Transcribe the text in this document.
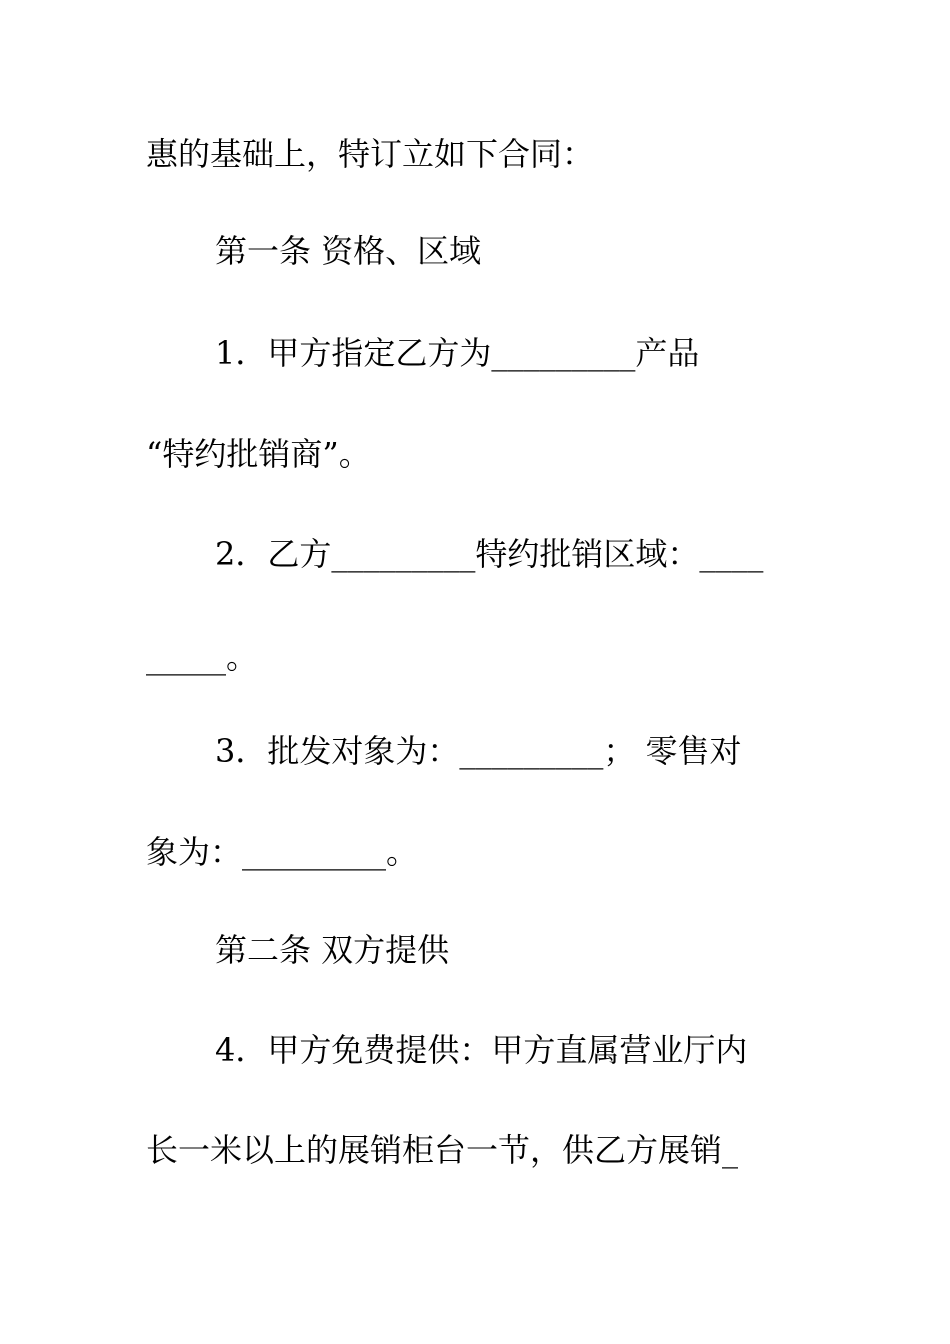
惠的基础上，特订立如下合同：
第一条 资格、区域
1．甲方指定乙方为_________产品
“特约批销商”。
2．乙方_________特约批销区域：____
_____。
3．批发对象为：_________； 零售对
象为：_________。
第二条 双方提供
4．甲方免费提供：甲方直属营业厅内
长一米以上的展销柜台一节，供乙方展销_
